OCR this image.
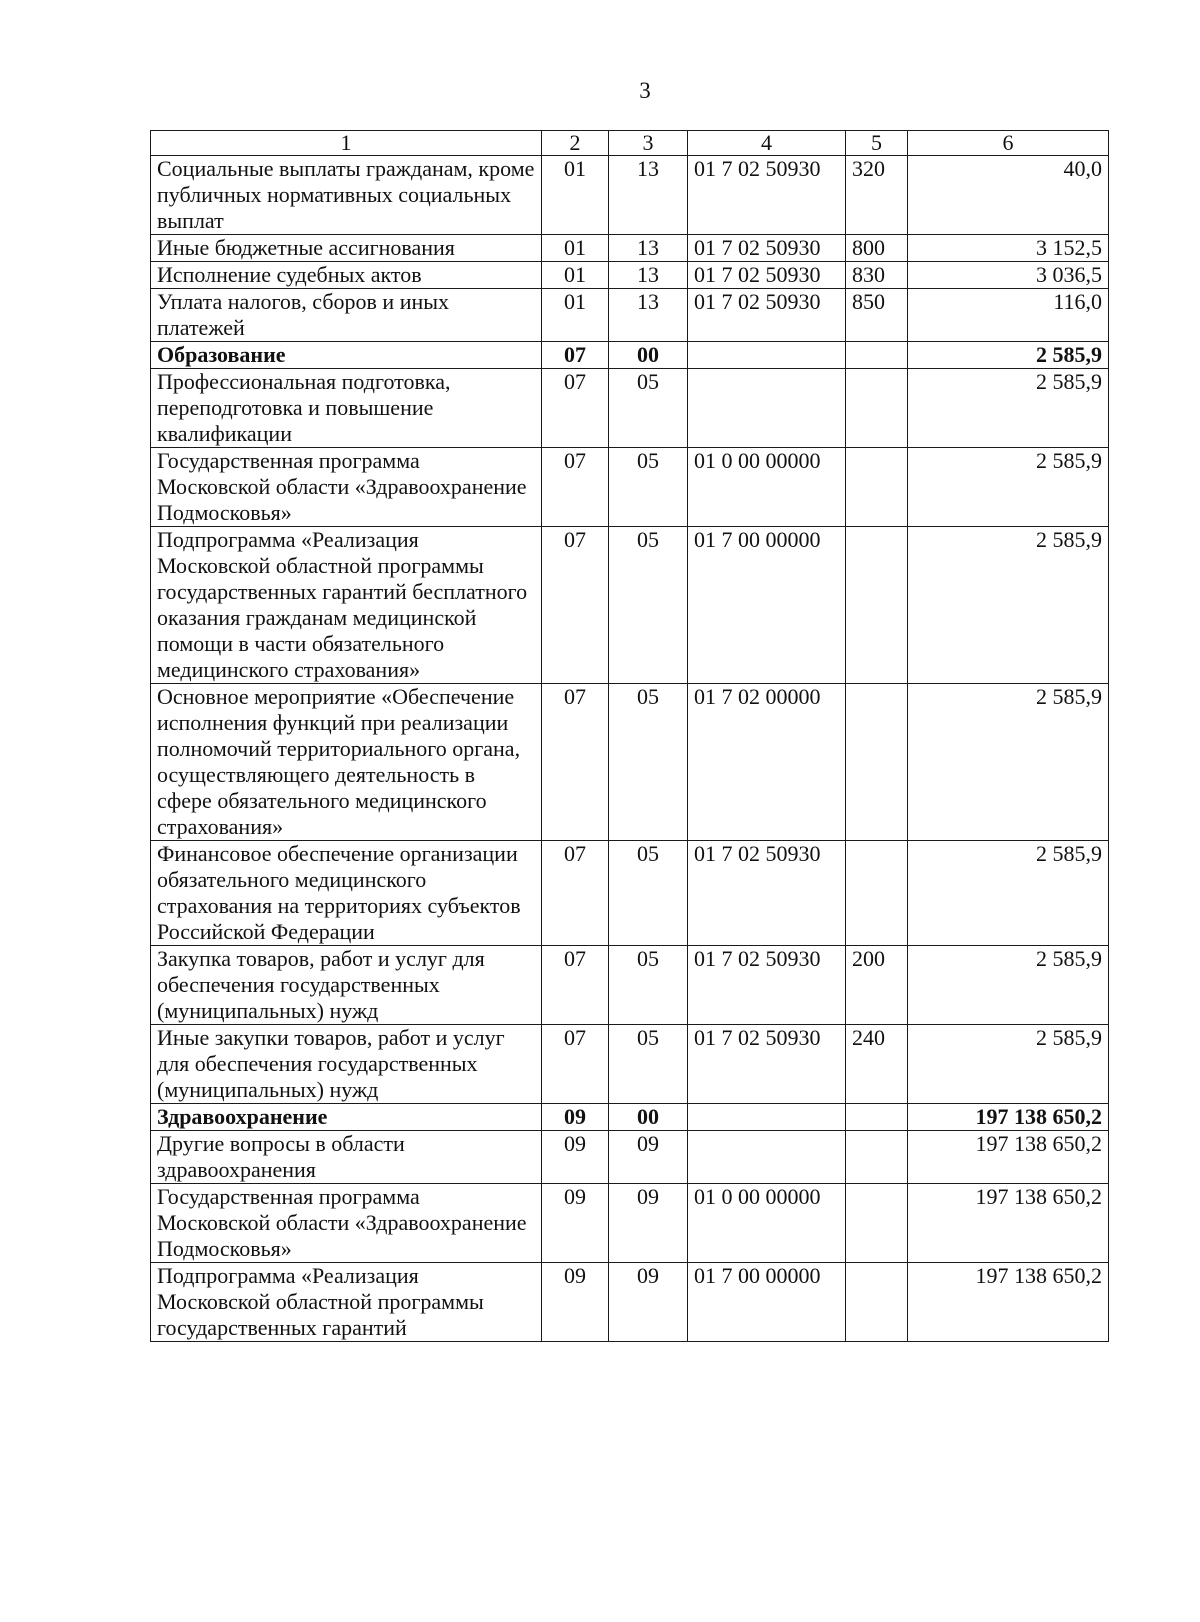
3
1	2	3	4	5	6
Социальные выплаты гражданам, кроме публичных нормативных социальных выплат	01	13	01 7 02 50930	320	40,0
Иные бюджетные ассигнования	01	13	01 7 02 50930	800	3 152,5
Исполнение судебных актов	01	13	01 7 02 50930	830	3 036,5
Уплата налогов, сборов и иных платежей	01	13	01 7 02 50930	850	116,0
Образование	07	00			2 585,9
Профессиональная подготовка, переподготовка и повышение квалификации	07	05			2 585,9
Государственная программа Московской области «Здравоохранение Подмосковья»	07	05	01 0 00 00000		2 585,9
Подпрограмма «Реализация Московской областной программы государственных гарантий бесплатного оказания гражданам медицинской помощи в части обязательного медицинского страхования»	07	05	01 7 00 00000		2 585,9
Основное мероприятие «Обеспечение исполнения функций при реализации полномочий территориального органа, осуществляющего деятельность в сфере обязательного медицинского страхования»	07	05	01 7 02 00000		2 585,9
Финансовое обеспечение организации обязательного медицинского страхования на территориях субъектов Российской Федерации	07	05	01 7 02 50930		2 585,9
Закупка товаров, работ и услуг для обеспечения государственных (муниципальных) нужд	07	05	01 7 02 50930	200	2 585,9
Иные закупки товаров, работ и услуг для обеспечения государственных (муниципальных) нужд	07	05	01 7 02 50930	240	2 585,9
Здравоохранение	09	00			197 138 650,2
Другие вопросы в области здравоохранения	09	09			197 138 650,2
Государственная программа Московской области «Здравоохранение Подмосковья»	09	09	01 0 00 00000		197 138 650,2
Подпрограмма «Реализация Московской областной программы государственных гарантий	09	09	01 7 00 00000		197 138 650,2
